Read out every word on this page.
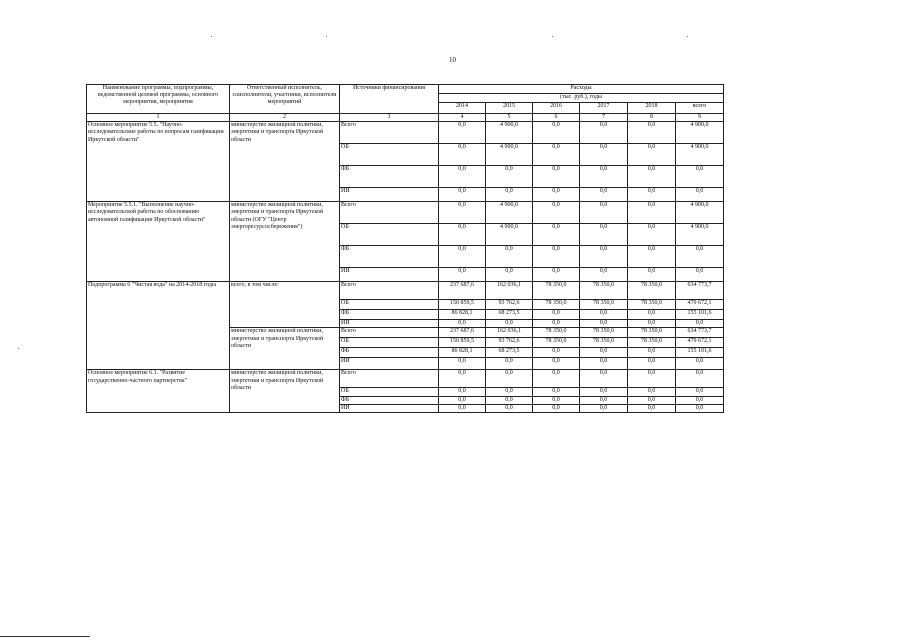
10
Наименование программы, подпрограммы, ведомственной целевой программы, основного мероприятия, мероприятия	Ответственный исполнитель, соисполнители, участники, исполнители мероприятий	Источники финансирования	Расходы					
			(тыс. руб.), годы					
			2014	2015	2016	2017	2018	всего
1	2	3	4	5	6	7	8	9
Основное мероприятие 5.5. "Научно-исследовательские работы по вопросам газификации Иркутской области"	министерство жилищной политики, энергетики и транспорта Иркутской области	Всего	0,0	4 900,0	0,0	0,0	0,0	4 900,0
		ОБ	0,0	4 900,0	0,0	0,0	0,0	4 900,0
		ФБ	0,0	0,0	0,0	0,0	0,0	0,0
		ИИ	0,0	0,0	0,0	0,0	0,0	0,0
Мероприятие 5.5.1. "Выполнение научно-исследовательской работы по обоснованию автономной газификации Иркутской области"	министерство жилищной политики, энергетики и транспорта Иркутской области (ОГУ "Центр энергоресурсосбережения")	Всего	0,0	4 900,0	0,0	0,0	0,0	4 900,0
		ОБ	0,0	4 900,0	0,0	0,0	0,0	4 900,0
		ФБ	0,0	0,0	0,0	0,0	0,0	0,0
		ИИ	0,0	0,0	0,0	0,0	0,0	0,0
Подпрограмма 6 "Чистая вода" на 2014-2018 годы	всего, в том числе:	Всего	237 687,6	162 036,1	78 350,0	78 350,0	78 350,0	634 773,7
		ОБ	150 859,5	93 762,6	78 350,0	78 350,0	78 350,0	479 672,1
		ФБ	86 828,1	68 273,5	0,0	0,0	0,0	155 101,6
		ИИ	0,0	0,0	0,0	0,0	0,0	0,0
	министерство жилищной политики, энергетики и транспорта Иркутской области	Всего	237 687,6	162 036,1	78 350,0	78 350,0	78 350,0	634 773,7
		ОБ	150 859,5	93 762,6	78 350,0	78 350,0	78 350,0	479 672,1
		ФБ	86 828,1	68 273,5	0,0	0,0	0,0	155 101,6
		ИИ	0,0	0,0	0,0	0,0	0,0	0,0
Основное мероприятие 6.1. "Развитие государственно-частного партнерства"	министерство жилищной политики, энергетики и транспорта Иркутской области	Всего	0,0	0,0	0,0	0,0	0,0	0,0
		ОБ	0,0	0,0	0,0	0,0	0,0	0,0
		ФБ	0,0	0,0	0,0	0,0	0,0	0,0
		ИИ	0,0	0,0	0,0	0,0	0,0	0,0
